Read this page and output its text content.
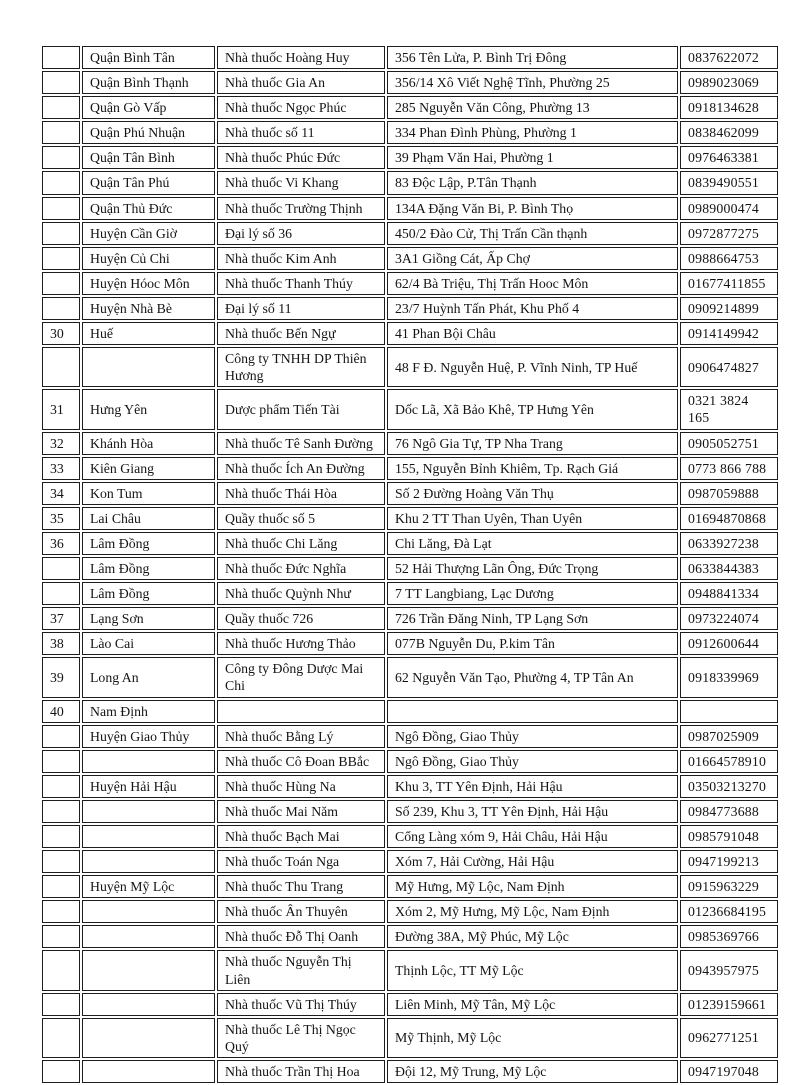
	Quận Bình Tân	Nhà thuốc Hoàng Huy	356 Tên Lửa, P. Bình Trị Đông	0837622072
	Quận Bình Thạnh	Nhà thuốc Gia An	356/14 Xô Viết Nghệ Tĩnh, Phường 25	0989023069
	Quận Gò Vấp	Nhà thuốc Ngọc Phúc	285 Nguyễn Văn Công, Phường 13	0918134628
	Quận Phú Nhuận	Nhà thuốc số 11	334 Phan Đình Phùng, Phường 1	0838462099
	Quận Tân Bình	Nhà thuốc Phúc Đức	39 Phạm Văn Hai, Phường 1	0976463381
	Quận Tân Phú	Nhà thuốc Vi Khang	83 Độc Lập, P.Tân Thạnh	0839490551
	Quận Thủ Đức	Nhà thuốc Trường Thịnh	134A Đặng Văn Bi, P. Bình Thọ	0989000474
	Huyện Cần Giờ	Đại lý số 36	450/2 Đào Cử, Thị Trấn Cần thạnh	0972877275
	Huyện Củ Chi	Nhà thuốc Kim Anh	3A1 Giồng Cát, Ấp Chợ	0988664753
	Huyện Hóoc Môn	Nhà thuốc Thanh Thúy	62/4 Bà Triệu, Thị Trấn Hooc Môn	01677411855
	Huyện Nhà Bè	Đại lý số 11	23/7 Huỳnh Tấn Phát, Khu Phố 4	0909214899
30	Huế	Nhà thuốc Bến Ngự	41 Phan Bội Châu	0914149942
		Công ty TNHH DP Thiên Hương	48 F Đ. Nguyễn Huệ, P. Vĩnh Ninh, TP Huế	0906474827
31	Hưng Yên	Dược phẩm Tiến Tài	Dốc Lã, Xã Bảo Khê, TP Hưng Yên	0321 3824 165
32	Khánh Hòa	Nhà thuốc Tê Sanh Đường	76 Ngô Gia Tự, TP Nha Trang	0905052751
33	Kiên Giang	Nhà thuốc Ích An Đường	155, Nguyễn Bỉnh Khiêm, Tp. Rạch Giá	0773 866 788
34	Kon Tum	Nhà thuốc Thái Hòa	Số 2 Đường Hoàng Văn Thụ	0987059888
35	Lai Châu	Quầy thuốc số 5	Khu 2 TT Than Uyên, Than Uyên	01694870868
36	Lâm Đồng	Nhà thuốc Chi Lăng	Chi Lăng, Đà Lạt	0633927238
	Lâm Đồng	Nhà thuốc Đức Nghĩa	52 Hải Thượng Lãn Ông, Đức Trọng	0633844383
	Lâm Đồng	Nhà thuốc Quỳnh Như	7 TT Langbiang, Lạc Dương	0948841334
37	Lạng Sơn	Quầy thuốc 726	726 Trần Đăng Ninh, TP Lạng Sơn	0973224074
38	Lào Cai	Nhà thuốc Hương Thảo	077B Nguyễn Du, P.kim Tân	0912600644
39	Long An	Công ty Đông Dược Mai Chi	62 Nguyễn Văn Tạo, Phường 4, TP Tân An	0918339969
40	Nam Định			
	Huyện Giao Thủy	Nhà thuốc Bằng Lý	Ngô Đồng, Giao Thủy	0987025909
		Nhà thuốc Cô Đoan BBắc	Ngô Đồng, Giao Thủy	01664578910
	Huyện Hải Hậu	Nhà thuốc Hùng Na	Khu 3, TT Yên Định, Hải Hậu	03503213270
		Nhà thuốc Mai Năm	Số 239, Khu 3, TT Yên Định, Hải Hậu	0984773688
		Nhà thuốc Bạch Mai	Cổng Làng xóm 9, Hải Châu, Hải Hậu	0985791048
		Nhà thuốc Toán Nga	Xóm 7, Hải Cường, Hải Hậu	0947199213
	Huyện Mỹ Lộc	Nhà thuốc Thu Trang	Mỹ Hưng, Mỹ Lộc, Nam Định	0915963229
		Nhà thuốc Ân Thuyên	Xóm 2, Mỹ Hưng, Mỹ Lộc, Nam Định	01236684195
		Nhà thuốc Đỗ Thị Oanh	Đường 38A, Mỹ Phúc, Mỹ Lộc	0985369766
		Nhà thuốc Nguyễn Thị Liên	Thịnh Lộc, TT Mỹ Lộc	0943957975
		Nhà thuốc Vũ Thị Thúy	Liên Minh, Mỹ Tân, Mỹ Lộc	01239159661
		Nhà thuốc Lê Thị Ngọc Quý	Mỹ Thịnh, Mỹ Lộc	0962771251
		Nhà thuốc Trần Thị Hoa	Đội 12, Mỹ Trung, Mỹ Lộc	0947197048
